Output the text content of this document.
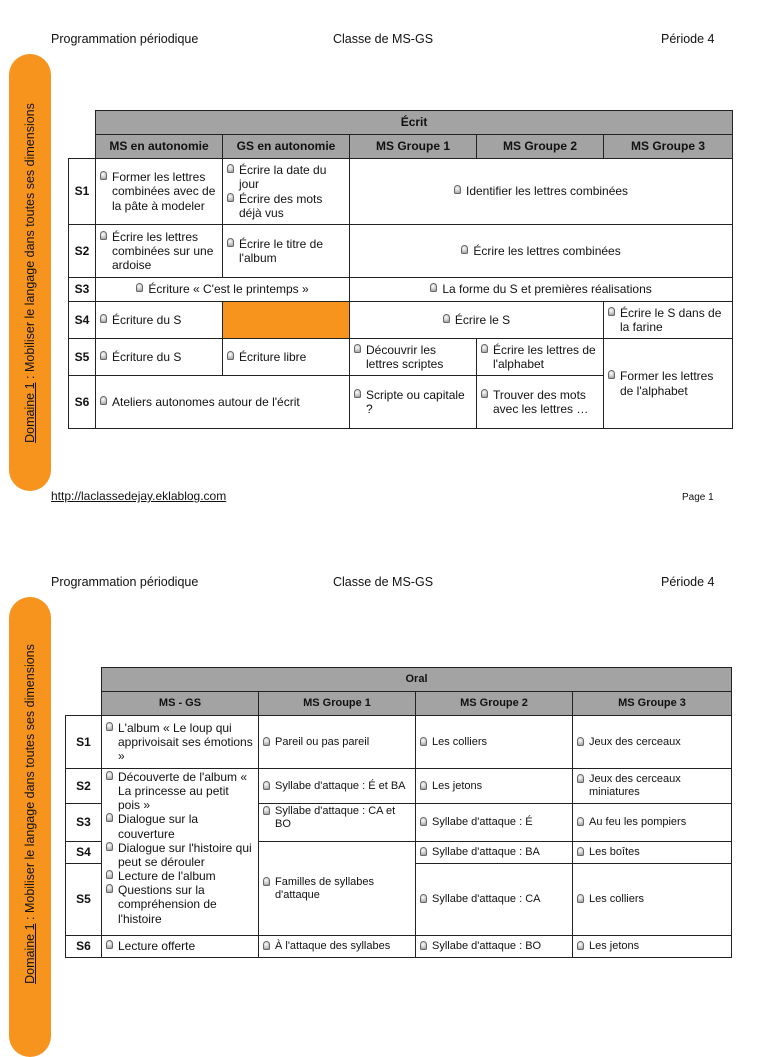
Programmation périodique	Classe de MS-GS	Période 4
Domaine 1 : Mobiliser le langage dans toutes ses dimensions
		Écrit				
	MS en autonomie	GS en autonomie	MS Groupe 1	MS Groupe 2	MS Groupe 3
S1	Former les lettres combinées avec de la pâte à modeler	Écrire la date du jour
Écrire des mots déjà vus	Identifier les lettres combinées		

S2	Écrire les lettres combinées sur une ardoise	Écrire le titre de l'album	Écrire les lettres combinées		

S3	Écriture « C'est le printemps »		La forme du S et premières réalisations		

S4	Écriture du S		Écrire le S		Écrire le S dans de la farine

S5	Écriture du S	Écriture libre	Découvrir les lettres scriptes	Écrire les lettres de l'alphabet	Former les lettres de l'alphabet

S6	Ateliers autonomes autour de l'écrit		Scripte ou capitale ?	Trouver des mots avec les lettres …	
http://laclassedejay.eklablog.com	Page 1
Programmation périodique	Classe de MS-GS	Période 4
Domaine 1 : Mobiliser le langage dans toutes ses dimensions
		Oral			
	MS - GS	MS Groupe 1	MS Groupe 2	MS Groupe 3
S1	L'album « Le loup qui apprivoisait ses émotions »	Pareil ou pas pareil	Les colliers	Jeux des cerceaux

S2	Découverte de l'album « La princesse au petit pois »
Dialogue sur la couverture
Dialogue sur l'histoire qui peut se dérouler
Lecture de l'album
Questions sur la compréhension de l'histoire	Syllabe d'attaque : É et BA	Les jetons	Jeux des cerceaux miniatures

S3		Syllabe d'attaque : CA et BO	Syllabe d'attaque : É	Au feu les pompiers

S4		Familles de syllabes d'attaque	Syllabe d'attaque : BA	Les boîtes

S5			Syllabe d'attaque : CA	Les colliers

S6	Lecture offerte	À l'attaque des syllabes	Syllabe d'attaque : BO	Les jetons
